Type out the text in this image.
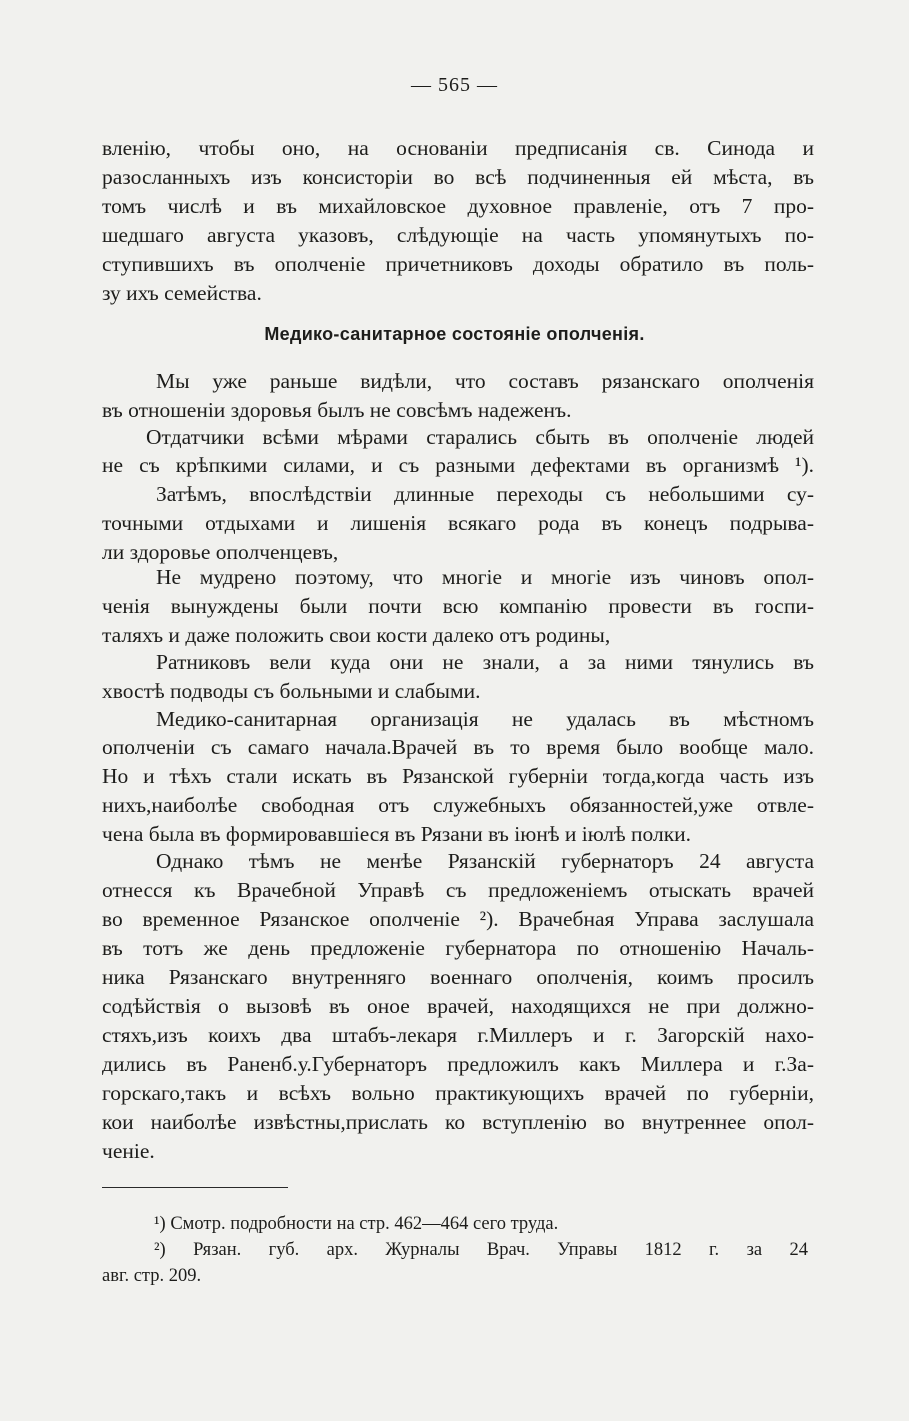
— 565 —
вленію, чтобы оно, на основаніи предписанія св. Синода и
разосланныхъ изъ консисторіи во всѣ подчиненныя ей мѣста, въ
томъ числѣ и въ михайловское духовное правленіе, отъ 7 про-
шедшаго августа указовъ, слѣдующіе на часть упомянутыхъ по-
ступившихъ въ ополченіе причетниковъ доходы обратило въ поль-
зу ихъ семейства.
Медико-санитарное состояніе ополченія.
Мы уже раньше видѣли, что составъ рязанскаго ополченія
въ отношеніи здоровья былъ не совсѣмъ надеженъ.
Отдатчики всѣми мѣрами старались сбыть въ ополченіе людей
не съ крѣпкими силами, и съ разными дефектами въ организмѣ ¹).
Затѣмъ, впослѣдствіи длинные переходы съ небольшими су-
точными отдыхами и лишенія всякаго рода въ конецъ подрыва-
ли здоровье ополченцевъ,
Не мудрено поэтому, что многіе и многіе изъ чиновъ опол-
ченія вынуждены были почти всю компанію провести въ госпи-
таляхъ и даже положить свои кости далеко отъ родины,
Ратниковъ вели куда они не знали, а за ними тянулись въ
хвостѣ подводы съ больными и слабыми.
Медико-санитарная организація не удалась въ мѣстномъ
ополченіи съ самаго начала.Врачей въ то время было вообще мало.
Но и тѣхъ стали искать въ Рязанской губерніи тогда,когда часть изъ
нихъ,наиболѣе свободная отъ служебныхъ обязанностей,уже отвле-
чена была въ формировавшіеся въ Рязани въ іюнѣ и іюлѣ полки.
Однако тѣмъ не менѣе Рязанскій губернаторъ 24 августа
отнесся къ Врачебной Управѣ съ предложеніемъ отыскать врачей
во временное Рязанское ополченіе ²). Врачебная Управа заслушала
въ тотъ же день предложеніе губернатора по отношенію Началь-
ника Рязанскаго внутренняго военнаго ополченія, коимъ просилъ
содѣйствія о вызовѣ въ оное врачей, находящихся не при должно-
стяхъ,изъ коихъ два штабъ-лекаря г.Миллеръ и г. Загорскій нахо-
дились въ Раненб.у.Губернаторъ предложилъ какъ Миллера и г.За-
горскаго,такъ и всѣхъ вольно практикующихъ врачей по губерніи,
кои наиболѣе извѣстны,прислать ко вступленію во внутреннее опол-
ченіе.
¹) Смотр. подробности на стр. 462—464 сего труда.
²) Рязан. губ. арх. Журналы Врач. Управы 1812 г. за 24
авг. стр. 209.
